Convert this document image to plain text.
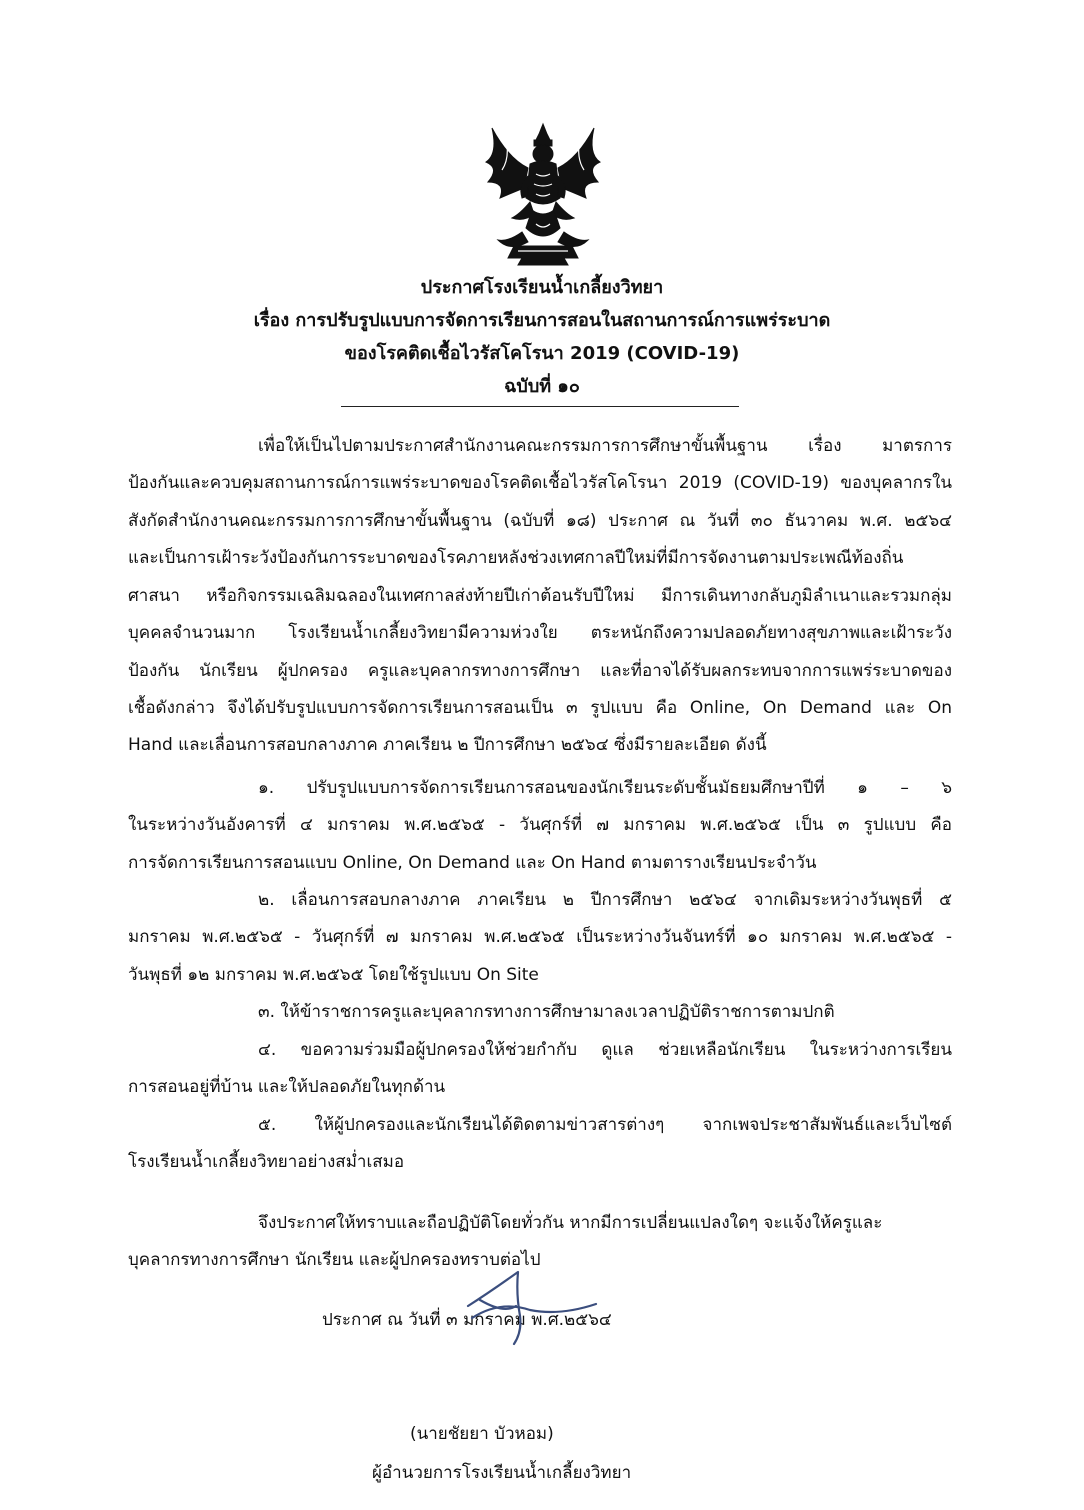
ประกาศโรงเรียนน้ำเกลี้ยงวิทยา
เรื่อง การปรับรูปแบบการจัดการเรียนการสอนในสถานการณ์การแพร่ระบาด
ของโรคติดเชื้อไวรัสโคโรนา 2019 (COVID-19)
ฉบับที่ ๑๐
เพื่อให้เป็นไปตามประกาศสำนักงานคณะกรรมการการศึกษาขั้นพื้นฐาน เรื่อง มาตรการ
ป้องกันและควบคุมสถานการณ์การแพร่ระบาดของโรคติดเชื้อไวรัสโคโรนา 2019 (COVID-19) ของบุคลากรใน
สังกัดสำนักงานคณะกรรมการการศึกษาขั้นพื้นฐาน (ฉบับที่ ๑๘) ประกาศ ณ วันที่ ๓๐ ธันวาคม พ.ศ. ๒๕๖๔
และเป็นการเฝ้าระวังป้องกันการระบาดของโรคภายหลังช่วงเทศกาลปีใหม่ที่มีการจัดงานตามประเพณีท้องถิ่น
ศาสนา หรือกิจกรรมเฉลิมฉลองในเทศกาลส่งท้ายปีเก่าต้อนรับปีใหม่ มีการเดินทางกลับภูมิลำเนาและรวมกลุ่ม
บุคคลจำนวนมาก โรงเรียนน้ำเกลี้ยงวิทยามีความห่วงใย ตระหนักถึงความปลอดภัยทางสุขภาพและเฝ้าระวัง
ป้องกัน นักเรียน ผู้ปกครอง ครูและบุคลากรทางการศึกษา และที่อาจได้รับผลกระทบจากการแพร่ระบาดของ
เชื้อดังกล่าว จึงได้ปรับรูปแบบการจัดการเรียนการสอนเป็น ๓ รูปแบบ คือ Online, On Demand และ On
Hand และเลื่อนการสอบกลางภาค ภาคเรียน ๒ ปีการศึกษา ๒๕๖๔ ซึ่งมีรายละเอียด ดังนี้
๑. ปรับรูปแบบการจัดการเรียนการสอนของนักเรียนระดับชั้นมัธยมศึกษาปีที่ ๑ – ๖
ในระหว่างวันอังคารที่ ๔ มกราคม พ.ศ.๒๕๖๕ - วันศุกร์ที่ ๗ มกราคม พ.ศ.๒๕๖๕ เป็น ๓ รูปแบบ คือ
การจัดการเรียนการสอนแบบ Online, On Demand และ On Hand ตามตารางเรียนประจำวัน
๒. เลื่อนการสอบกลางภาค ภาคเรียน ๒ ปีการศึกษา ๒๕๖๔ จากเดิมระหว่างวันพุธที่ ๕
มกราคม พ.ศ.๒๕๖๕ - วันศุกร์ที่ ๗ มกราคม พ.ศ.๒๕๖๕ เป็นระหว่างวันจันทร์ที่ ๑๐ มกราคม พ.ศ.๒๕๖๕ -
วันพุธที่ ๑๒ มกราคม พ.ศ.๒๕๖๕ โดยใช้รูปแบบ On Site
๓. ให้ข้าราชการครูและบุคลากรทางการศึกษามาลงเวลาปฏิบัติราชการตามปกติ
๔. ขอความร่วมมือผู้ปกครองให้ช่วยกำกับ ดูแล ช่วยเหลือนักเรียน ในระหว่างการเรียน
การสอนอยู่ที่บ้าน และให้ปลอดภัยในทุกด้าน
๕. ให้ผู้ปกครองและนักเรียนได้ติดตามข่าวสารต่างๆ จากเพจประชาสัมพันธ์และเว็บไซต์
โรงเรียนน้ำเกลี้ยงวิทยาอย่างสม่ำเสมอ
จึงประกาศให้ทราบและถือปฏิบัติโดยทั่วกัน หากมีการเปลี่ยนแปลงใดๆ จะแจ้งให้ครูและ
บุคลากรทางการศึกษา นักเรียน และผู้ปกครองทราบต่อไป
ประกาศ ณ วันที่ ๓ มกราคม พ.ศ.๒๕๖๔
(นายชัยยา บัวหอม)
ผู้อำนวยการโรงเรียนน้ำเกลี้ยงวิทยา
